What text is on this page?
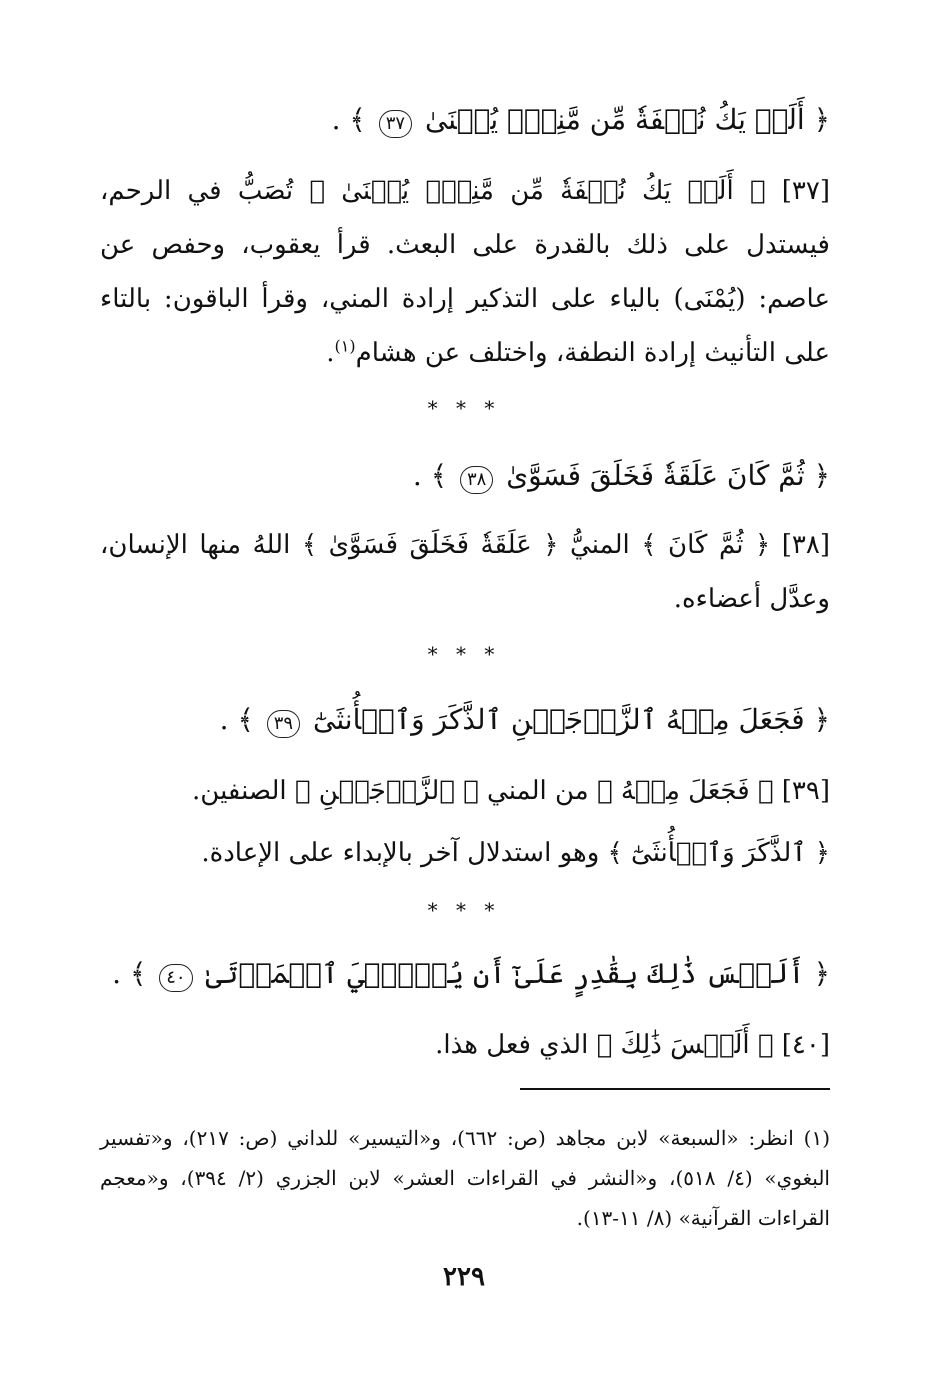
﴿ أَلَمۡ يَكُ نُطۡفَةٗ مِّن مَّنِيّٖ يُمۡنَىٰ ٣٧ ﴾ .
[٣٧] ﴿ أَلَمۡ يَكُ نُطۡفَةٗ مِّن مَّنِيّٖ يُمۡنَىٰ ﴾ تُصَبُّ في الرحم، فيستدل على ذلك بالقدرة على البعث. قرأ يعقوب، وحفص عن عاصم: (يُمْنَى) بالياء على التذكير إرادة المني، وقرأ الباقون: بالتاء على التأنيث إرادة النطفة، واختلف عن هشام$^{(١)}$.
* * *
﴿ ثُمَّ كَانَ عَلَقَةٗ فَخَلَقَ فَسَوَّىٰ ٣٨ ﴾ .
[٣٨] ﴿ ثُمَّ كَانَ ﴾ المنيُّ ﴿ عَلَقَةٗ فَخَلَقَ فَسَوَّىٰ ﴾ اللهُ منها الإنسان، وعدَّل أعضاءه.
* * *
﴿ فَجَعَلَ مِنۡهُ ٱلزَّوۡجَيۡنِ ٱلذَّكَرَ وَٱلۡأُنثَىٰٓ ٣٩ ﴾ .
[٣٩] ﴿ فَجَعَلَ مِنۡهُ ﴾ من المني ﴿ ٱلزَّوۡجَيۡنِ ﴾ الصنفين.
﴿ ٱلذَّكَرَ وَٱلۡأُنثَىٰٓ ﴾ وهو استدلال آخر بالإبداء على الإعادة.
* * *
﴿ أَلَيۡسَ ذَٰلِكَ بِقَٰدِرٍ عَلَىٰٓ أَن يُحۡـِۧيَ ٱلۡمَوۡتَىٰ ٤٠ ﴾ .
[٤٠] ﴿ أَلَيۡسَ ذَٰلِكَ ﴾ الذي فعل هذا.
(١) انظر: «السبعة» لابن مجاهد (ص: ٦٦٢)، و«التيسير» للداني (ص: ٢١٧)، و«تفسير البغوي» (٤/ ٥١٨)، و«النشر في القراءات العشر» لابن الجزري (٢/ ٣٩٤)، و«معجم القراءات القرآنية» (٨/ ١١-١٣).
٢٢٩
